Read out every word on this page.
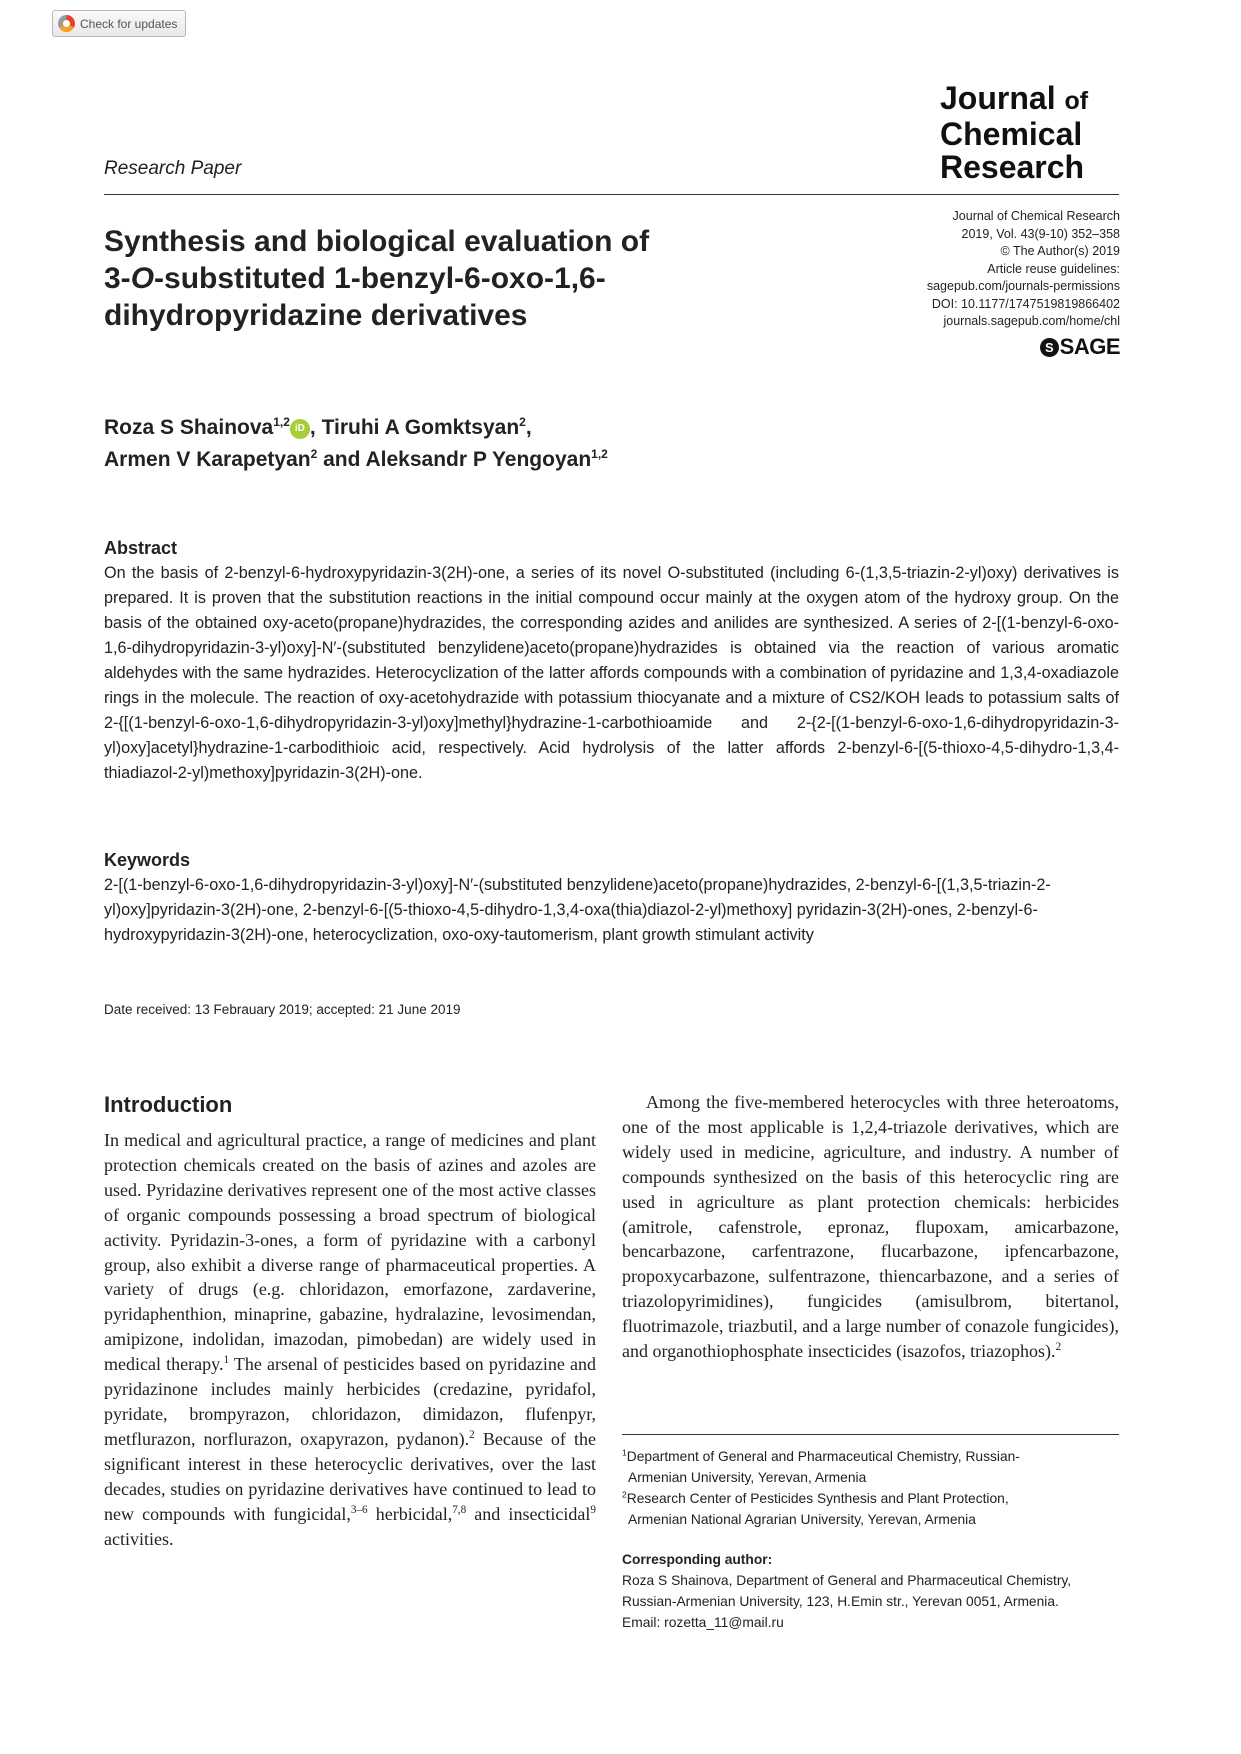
Check for updates
Research Paper
Journal of
Chemical
Research
Synthesis and biological evaluation of
3-O-substituted 1-benzyl-6-oxo-1,6-
dihydropyridazine derivatives
Journal of Chemical Research
2019, Vol. 43(9-10) 352–358
© The Author(s) 2019
Article reuse guidelines:
sagepub.com/journals-permissions
DOI: 10.1177/1747519819866402
journals.sagepub.com/home/chl
S SAGE
Roza S Shainova$^{1,2}$ iD , Tiruhi A Gomktsyan$^2$,
Armen V Karapetyan$^2$ and Aleksandr P Yengoyan$^{1,2}$
Abstract

On the basis of 2-benzyl-6-hydroxypyridazin-3(2H)-one, a series of its novel O-substituted (including 6-(1,3,5-triazin-2-yl)oxy) derivatives is prepared. It is proven that the substitution reactions in the initial compound occur mainly at the oxygen atom of the hydroxy group. On the basis of the obtained oxy-aceto(propane)hydrazides, the corresponding azides and anilides are synthesized. A series of 2-[(1-benzyl-6-oxo-1,6-dihydropyridazin-3-yl)oxy]-N′-(substituted benzylidene)aceto(propane)hydrazides is obtained via the reaction of various aromatic aldehydes with the same hydrazides. Heterocyclization of the latter affords compounds with a combination of pyridazine and 1,3,4-oxadiazole rings in the molecule. The reaction of oxy-acetohydrazide with potassium thiocyanate and a mixture of CS2/KOH leads to potassium salts of 2-{[(1-benzyl-6-oxo-1,6-dihydropyridazin-3-yl)oxy]methyl}hydrazine-1-carbothioamide and 2-{2-[(1-benzyl-6-oxo-1,6-dihydropyridazin-3-yl)oxy]acetyl}hydrazine-1-carbodithioic acid, respectively. Acid hydrolysis of the latter affords 2-benzyl-6-[(5-thioxo-4,5-dihydro-1,3,4-thiadiazol-2-yl)methoxy]pyridazin-3(2H)-one.

Keywords

2-[(1-benzyl-6-oxo-1,6-dihydropyridazin-3-yl)oxy]-N′-(substituted benzylidene)aceto(propane)hydrazides, 2-benzyl-6-[(1,3,5-triazin-2-yl)oxy]pyridazin-3(2H)-one, 2-benzyl-6-[(5-thioxo-4,5-dihydro-1,3,4-oxa(thia)diazol-2-yl)methoxy] pyridazin-3(2H)-ones, 2-benzyl-6-hydroxypyridazin-3(2H)-one, heterocyclization, oxo-oxy-tautomerism, plant growth stimulant activity

Date received: 13 Febrauary 2019; accepted: 21 June 2019
Introduction

In medical and agricultural practice, a range of medicines and plant protection chemicals created on the basis of azines and azoles are used. Pyridazine derivatives represent one of the most active classes of organic compounds possessing a broad spectrum of biological activity. Pyridazin-3-ones, a form of pyridazine with a carbonyl group, also exhibit a diverse range of pharmaceutical properties. A variety of drugs (e.g. chloridazon, emorfazone, zardaverine, pyridaphenthion, minaprine, gabazine, hydralazine, levosimendan, amipizone, indolidan, imazodan, pimobedan) are widely used in medical therapy.$^1$ The arsenal of pesticides based on pyridazine and pyridazinone includes mainly herbicides (credazine, pyridafol, pyridate, brompyrazon, chloridazon, dimidazon, flufenpyr, metflurazon, norflurazon, oxapyrazon, pydanon).$^2$ Because of the significant interest in these heterocyclic derivatives, over the last decades, studies on pyridazine derivatives have continued to lead to new compounds with fungicidal,$^{3-6}$ herbicidal,$^{7,8}$ and insecticidal$^9$ activities.

Among the five-membered heterocycles with three heteroatoms, one of the most applicable is 1,2,4-triazole derivatives, which are widely used in medicine, agriculture, and industry. A number of compounds synthesized on the basis of this heterocyclic ring are used in agriculture as plant protection chemicals: herbicides (amitrole, cafenstrole, epronaz, flupoxam, amicarbazone, bencarbazone, carfentrazone, flucarbazone, ipfencarbazone, propoxycarbazone, sulfentrazone, thiencarbazone, and a series of triazolopyrimidines), fungicides (amisulbrom, bitertanol, fluotrimazole, triazbutil, and a large number of conazole fungicides), and organothiophosphate insecticides (isazofos, triazophos).$^2$

$^1$Department of General and Pharmaceutical Chemistry, Russian-
Armenian University, Yerevan, Armenia
$^2$Research Center of Pesticides Synthesis and Plant Protection,
Armenian National Agrarian University, Yerevan, Armenia
Corresponding author:
Roza S Shainova, Department of General and Pharmaceutical Chemistry,
Russian-Armenian University, 123, H.Emin str., Yerevan 0051, Armenia.
Email: rozetta_11@mail.ru
